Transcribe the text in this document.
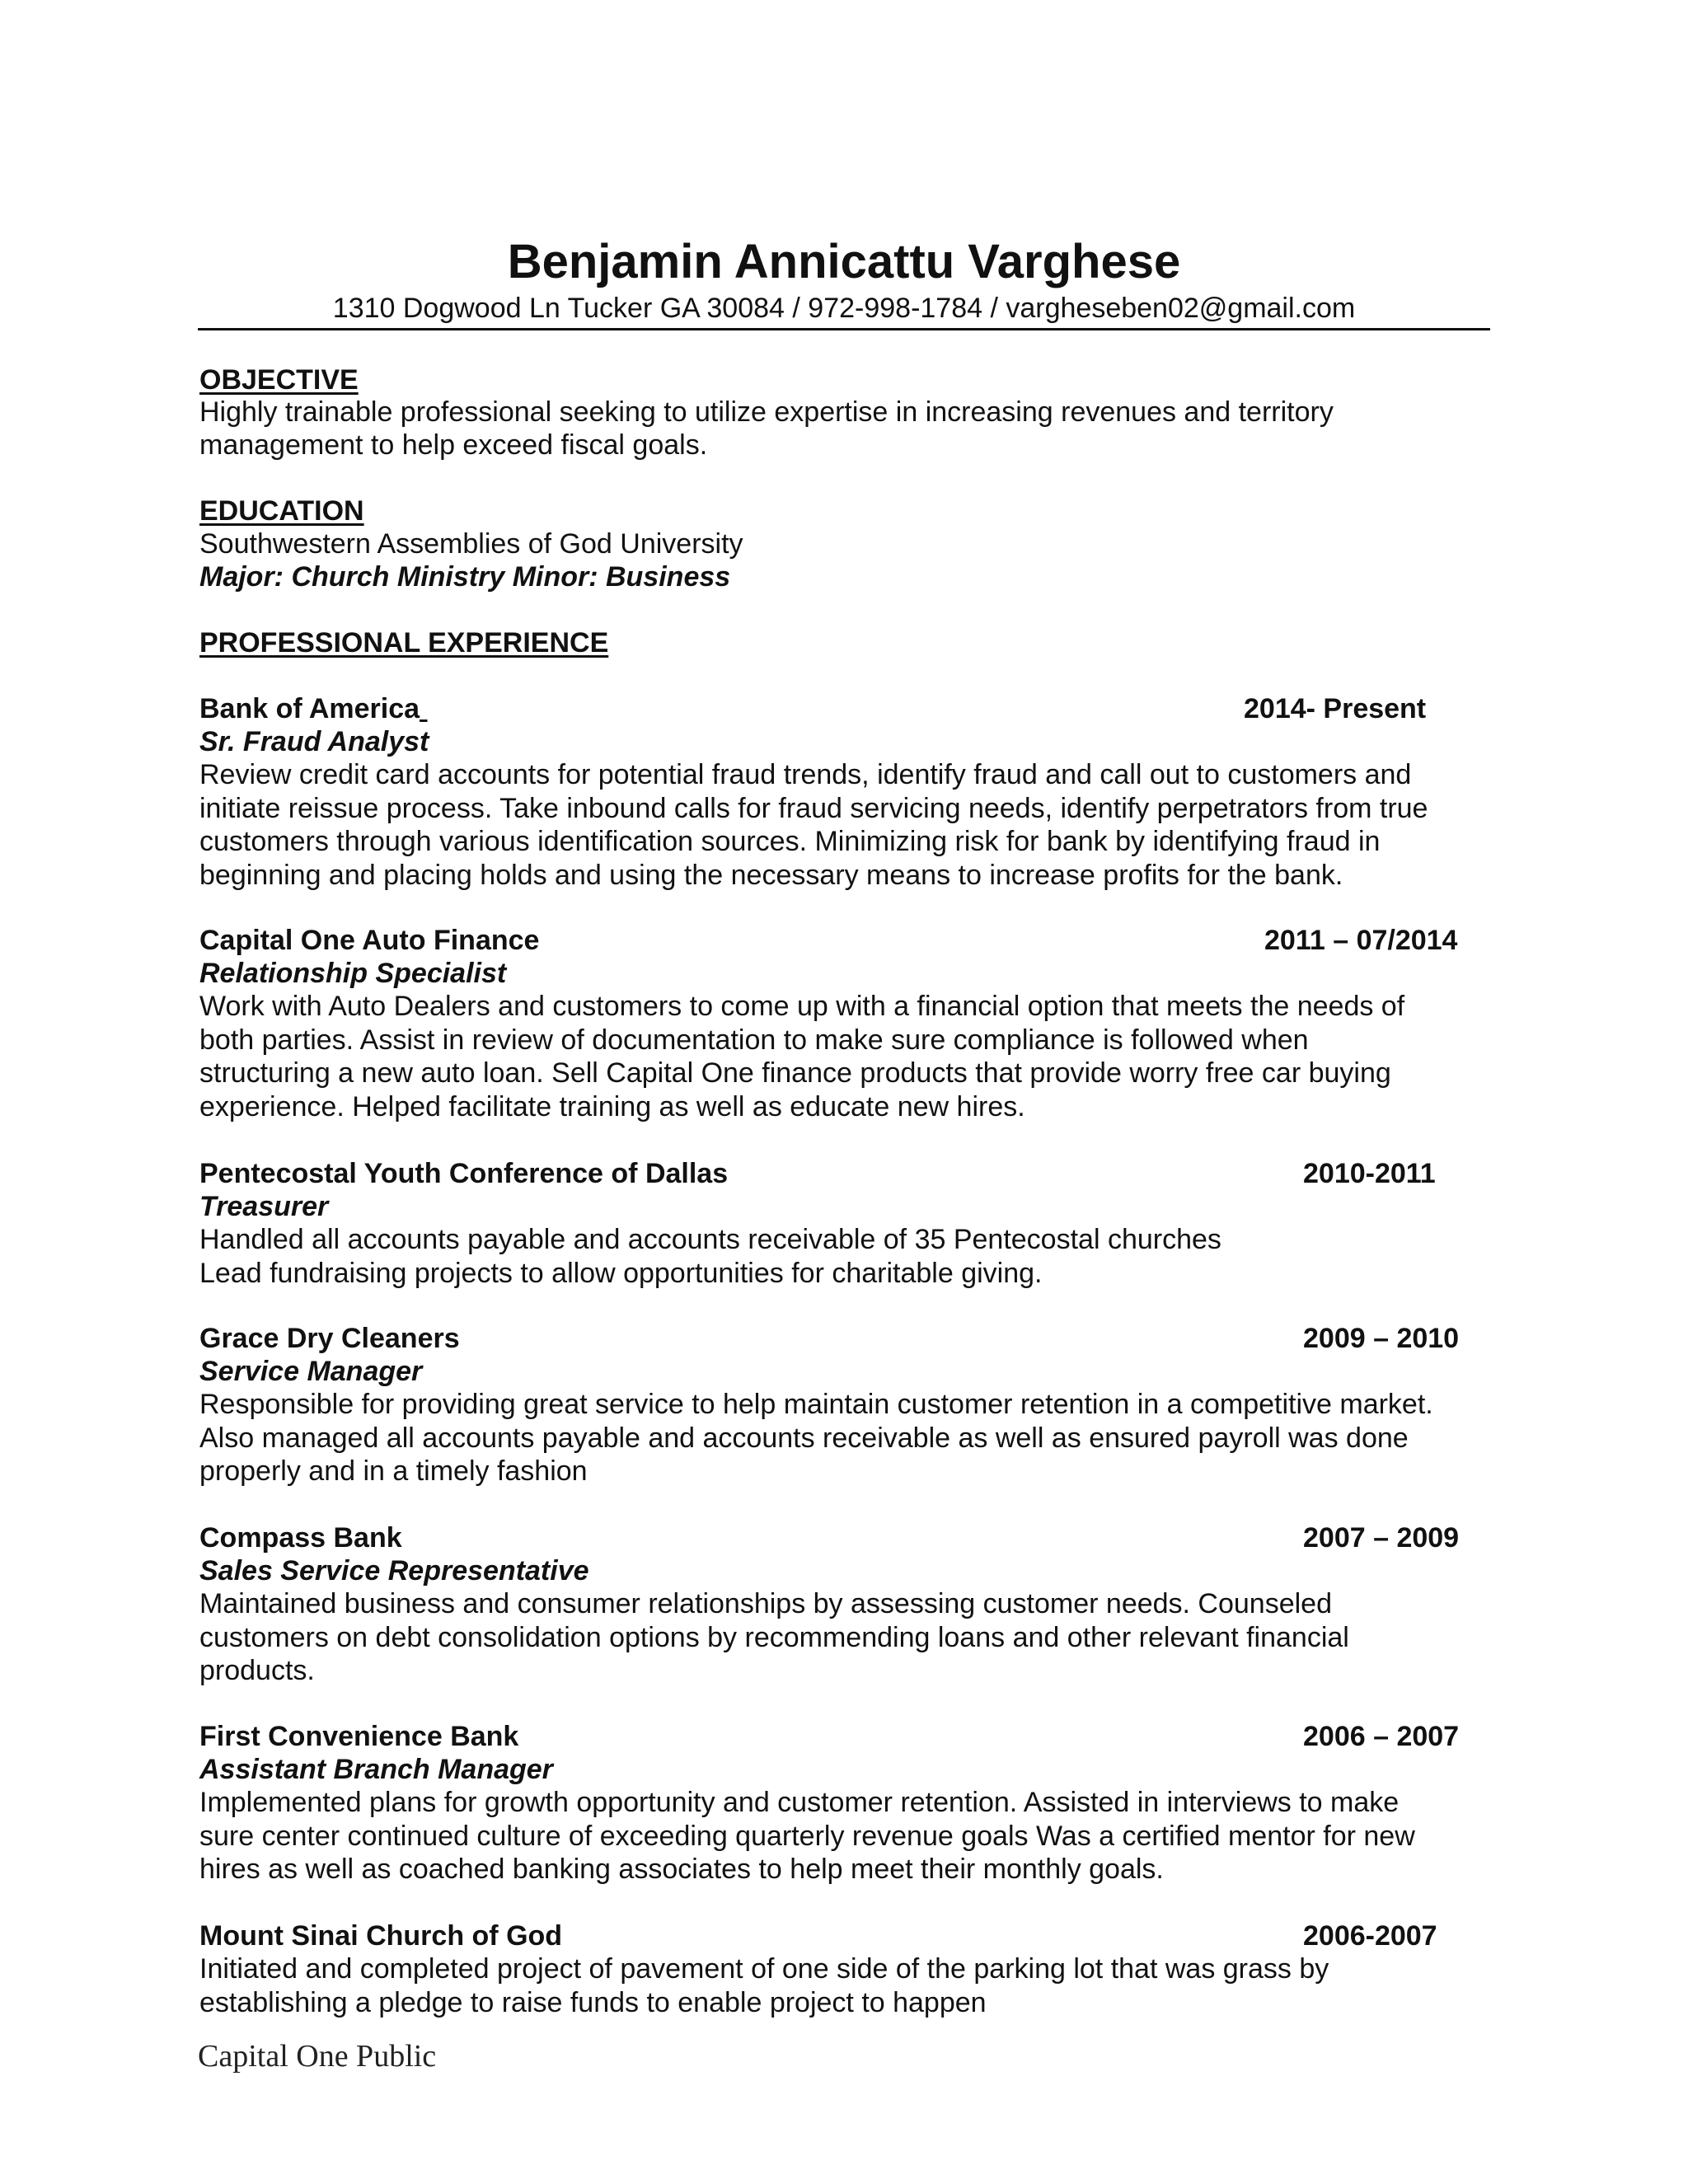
Benjamin Annicattu Varghese
1310 Dogwood Ln Tucker GA 30084 / 972-998-1784 / vargheseben02@gmail.com
OBJECTIVE
Highly trainable professional seeking to utilize expertise in increasing revenues and territory
management to help exceed fiscal goals.
EDUCATION
Southwestern Assemblies of God University
Major: Church Ministry Minor: Business
PROFESSIONAL EXPERIENCE
Bank of America	2014- Present
Sr. Fraud Analyst
Review credit card accounts for potential fraud trends, identify fraud and call out to customers and
initiate reissue process. Take inbound calls for fraud servicing needs, identify perpetrators from true
customers through various identification sources. Minimizing risk for bank by identifying fraud in
beginning and placing holds and using the necessary means to increase profits for the bank.
Capital One Auto Finance	2011 – 07/2014
Relationship Specialist
Work with Auto Dealers and customers to come up with a financial option that meets the needs of
both parties. Assist in review of documentation to make sure compliance is followed when
structuring a new auto loan. Sell Capital One finance products that provide worry free car buying
experience. Helped facilitate training as well as educate new hires.
Pentecostal Youth Conference of Dallas	2010-2011
Treasurer
Handled all accounts payable and accounts receivable of 35 Pentecostal churches
Lead fundraising projects to allow opportunities for charitable giving.
Grace Dry Cleaners	2009 – 2010
Service Manager
Responsible for providing great service to help maintain customer retention in a competitive market.
Also managed all accounts payable and accounts receivable as well as ensured payroll was done
properly and in a timely fashion
Compass Bank	2007 – 2009
Sales Service Representative
Maintained business and consumer relationships by assessing customer needs. Counseled
customers on debt consolidation options by recommending loans and other relevant financial
products.
First Convenience Bank	2006 – 2007
Assistant Branch Manager
Implemented plans for growth opportunity and customer retention. Assisted in interviews to make
sure center continued culture of exceeding quarterly revenue goals Was a certified mentor for new
hires as well as coached banking associates to help meet their monthly goals.
Mount Sinai Church of God	2006-2007
Initiated and completed project of pavement of one side of the parking lot that was grass by
establishing a pledge to raise funds to enable project to happen
Capital One Public
